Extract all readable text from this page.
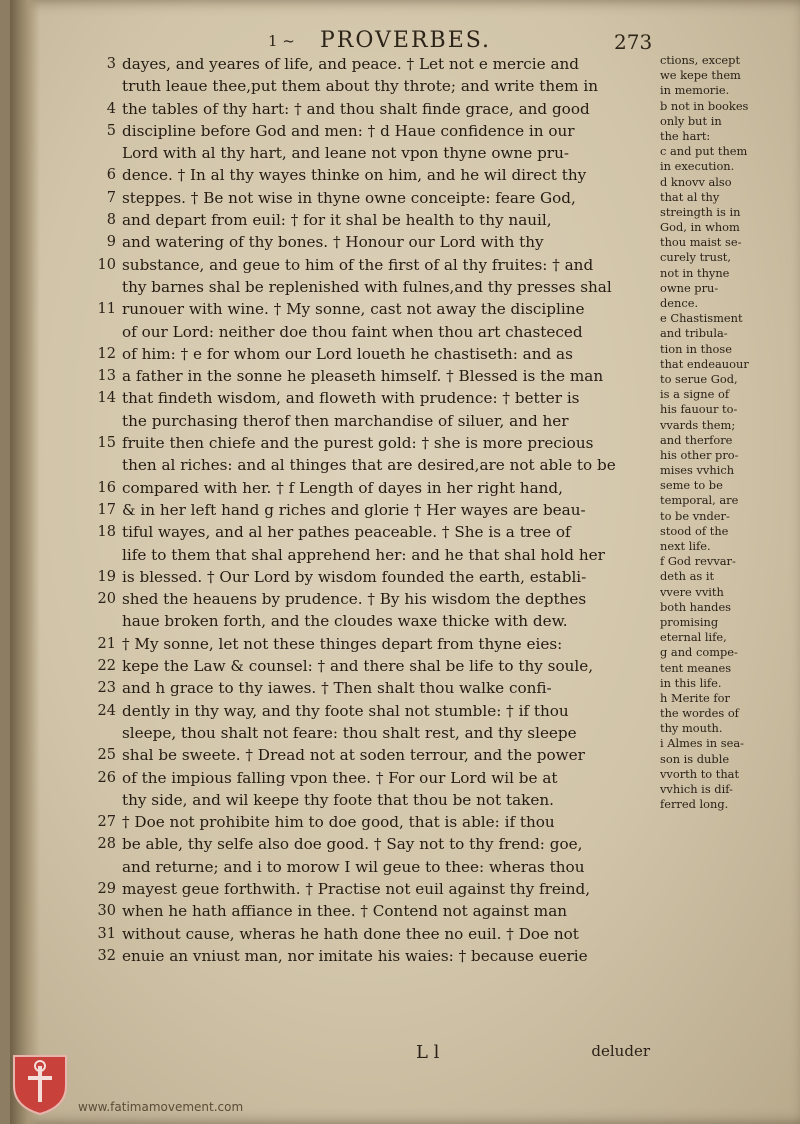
1 ~ PROVERBES.	273
3 dayes, and yeares of life, and peace. † Let not e mercie and
truth leaue thee,put them about thy throte; and write them in
4 the tables of thy hart: † and thou shalt finde grace, and good
5 discipline before God and men: † d Haue confidence in our
Lord with al thy hart, and leane not vpon thyne owne pru-
6 dence. † In al thy wayes thinke on him, and he wil direct thy
7 steppes. † Be not wise in thyne owne conceipte: feare God,
8 and depart from euil: † for it shal be health to thy nauil,
9 and watering of thy bones. † Honour our Lord with thy
10 substance, and geue to him of the first of al thy fruites: † and
thy barnes shal be replenished with fulnes,and thy presses shal
11 runouer with wine. † My sonne, cast not away the discipline
of our Lord: neither doe thou faint when thou art chasteced
12 of him: † e for whom our Lord loueth he chastiseth: and as
13 a father in the sonne he pleaseth himself. † Blessed is the man
14 that findeth wisdom, and floweth with prudence: † better is
the purchasing therof then marchandise of siluer, and her
15 fruite then chiefe and the purest gold: † she is more precious
then al riches: and al thinges that are desired,are not able to be
16 compared with her. † f Length of dayes in her right hand,
17 & in her left hand g riches and glorie † Her wayes are beau-
18 tiful wayes, and al her pathes peaceable. † She is a tree of
life to them that shal apprehend her: and he that shal hold her
19 is blessed. † Our Lord by wisdom founded the earth, establi-
20 shed the heauens by prudence. † By his wisdom the depthes
haue broken forth, and the cloudes waxe thicke with dew.
21 † My sonne, let not these thinges depart from thyne eies:
22 kepe the Law & counsel: † and there shal be life to thy soule,
23 and h grace to thy iawes. † Then shalt thou walke confi-
24 dently in thy way, and thy foote shal not stumble: † if thou
sleepe, thou shalt not feare: thou shalt rest, and thy sleepe
25 shal be sweete. † Dread not at soden terrour, and the power
26 of the impious falling vpon thee. † For our Lord wil be at
thy side, and wil keepe thy foote that thou be not taken.
27 † Doe not prohibite him to doe good, that is able: if thou
28 be able, thy selfe also doe good. † Say not to thy frend: goe,
and returne; and i to morow I wil geue to thee: wheras thou
29 mayest geue forthwith. † Practise not euil against thy freind,
30 when he hath affiance in thee. † Contend not against man
31 without cause, wheras he hath done thee no euil. † Doe not
32 enuie an vniust man, nor imitate his waies: † because euerie
ctions, except
we kepe them
in memorie.
b not in bookes
only but in
the hart:
c and put them
in execution.
d knovv also
that al thy
streingth is in
God, in whom
thou maist se-
curely trust,
not in thyne
owne pru-
dence.
e Chastisment
and tribula-
tion in those
that endeauour
to serue God,
is a signe of
his fauour to-
vvards them;
and therfore
his other pro-
mises vvhich
seme to be
temporal, are
to be vnder-
stood of the
next life.
f God revvar-
deth as it
vvere vvith
both handes
promising
eternal life,
g and compe-
tent meanes
in this life.
h Merite for
the wordes of
thy mouth.
i Almes in sea-
son is duble
vvorth to that
vvhich is dif-
ferred long.
L l	deluder
www.fatimamovement.com
